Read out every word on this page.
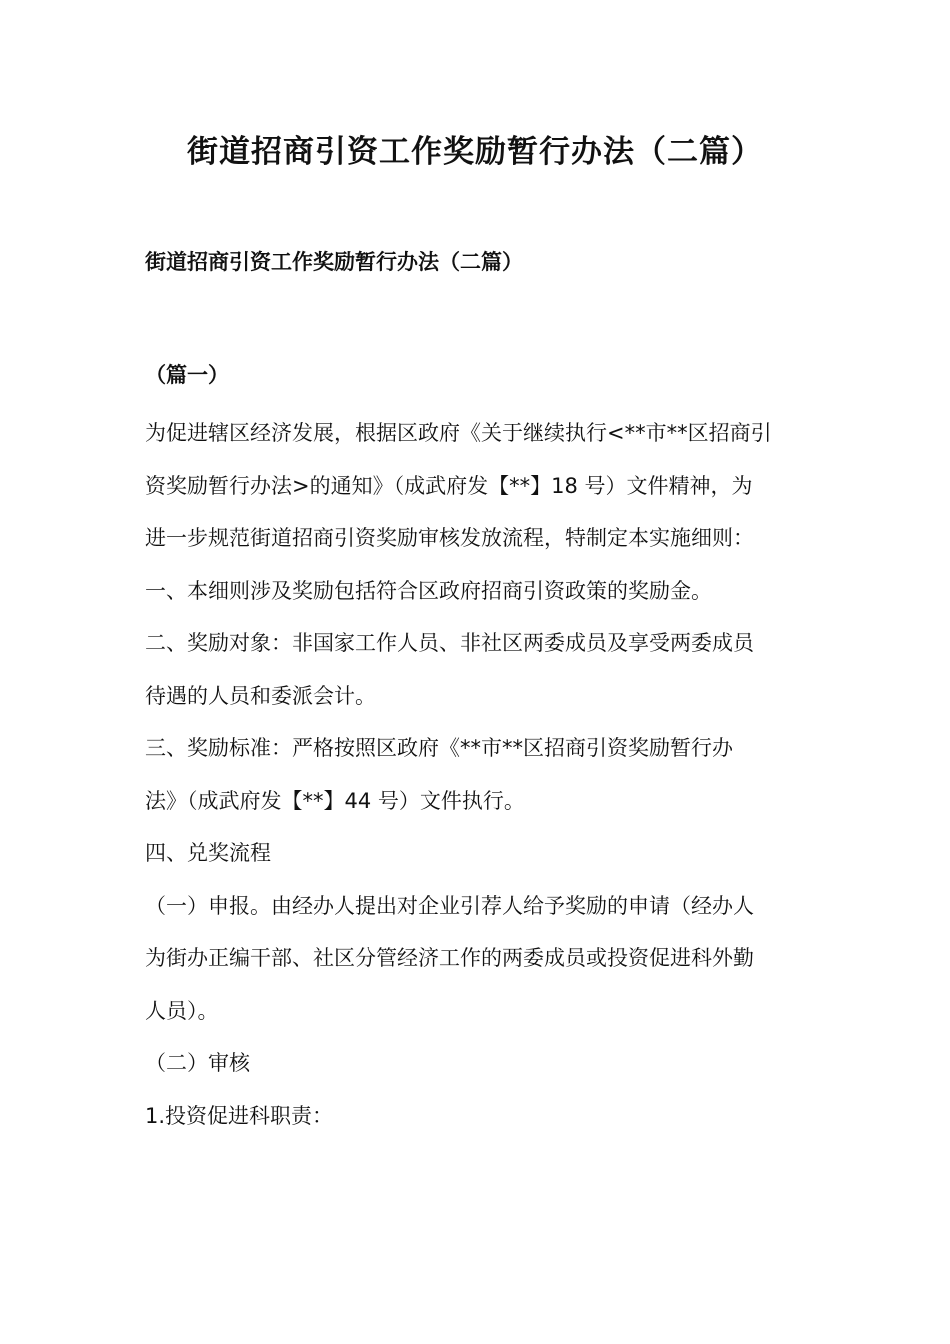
街道招商引资工作奖励暂行办法（二篇）
街道招商引资工作奖励暂行办法（二篇）
（篇一）
为促进辖区经济发展，根据区政府《关于继续执行<**市**区招商引
资奖励暂行办法>的通知》（成武府发【**】18 号）文件精神，为
进一步规范街道招商引资奖励审核发放流程，特制定本实施细则：
一、本细则涉及奖励包括符合区政府招商引资政策的奖励金。
二、奖励对象：非国家工作人员、非社区两委成员及享受两委成员
待遇的人员和委派会计。
三、奖励标准：严格按照区政府《**市**区招商引资奖励暂行办
法》（成武府发【**】44 号）文件执行。
四、兑奖流程
（一）申报。由经办人提出对企业引荐人给予奖励的申请（经办人
为街办正编干部、社区分管经济工作的两委成员或投资促进科外勤
人员）。
（二）审核
1.投资促进科职责：
